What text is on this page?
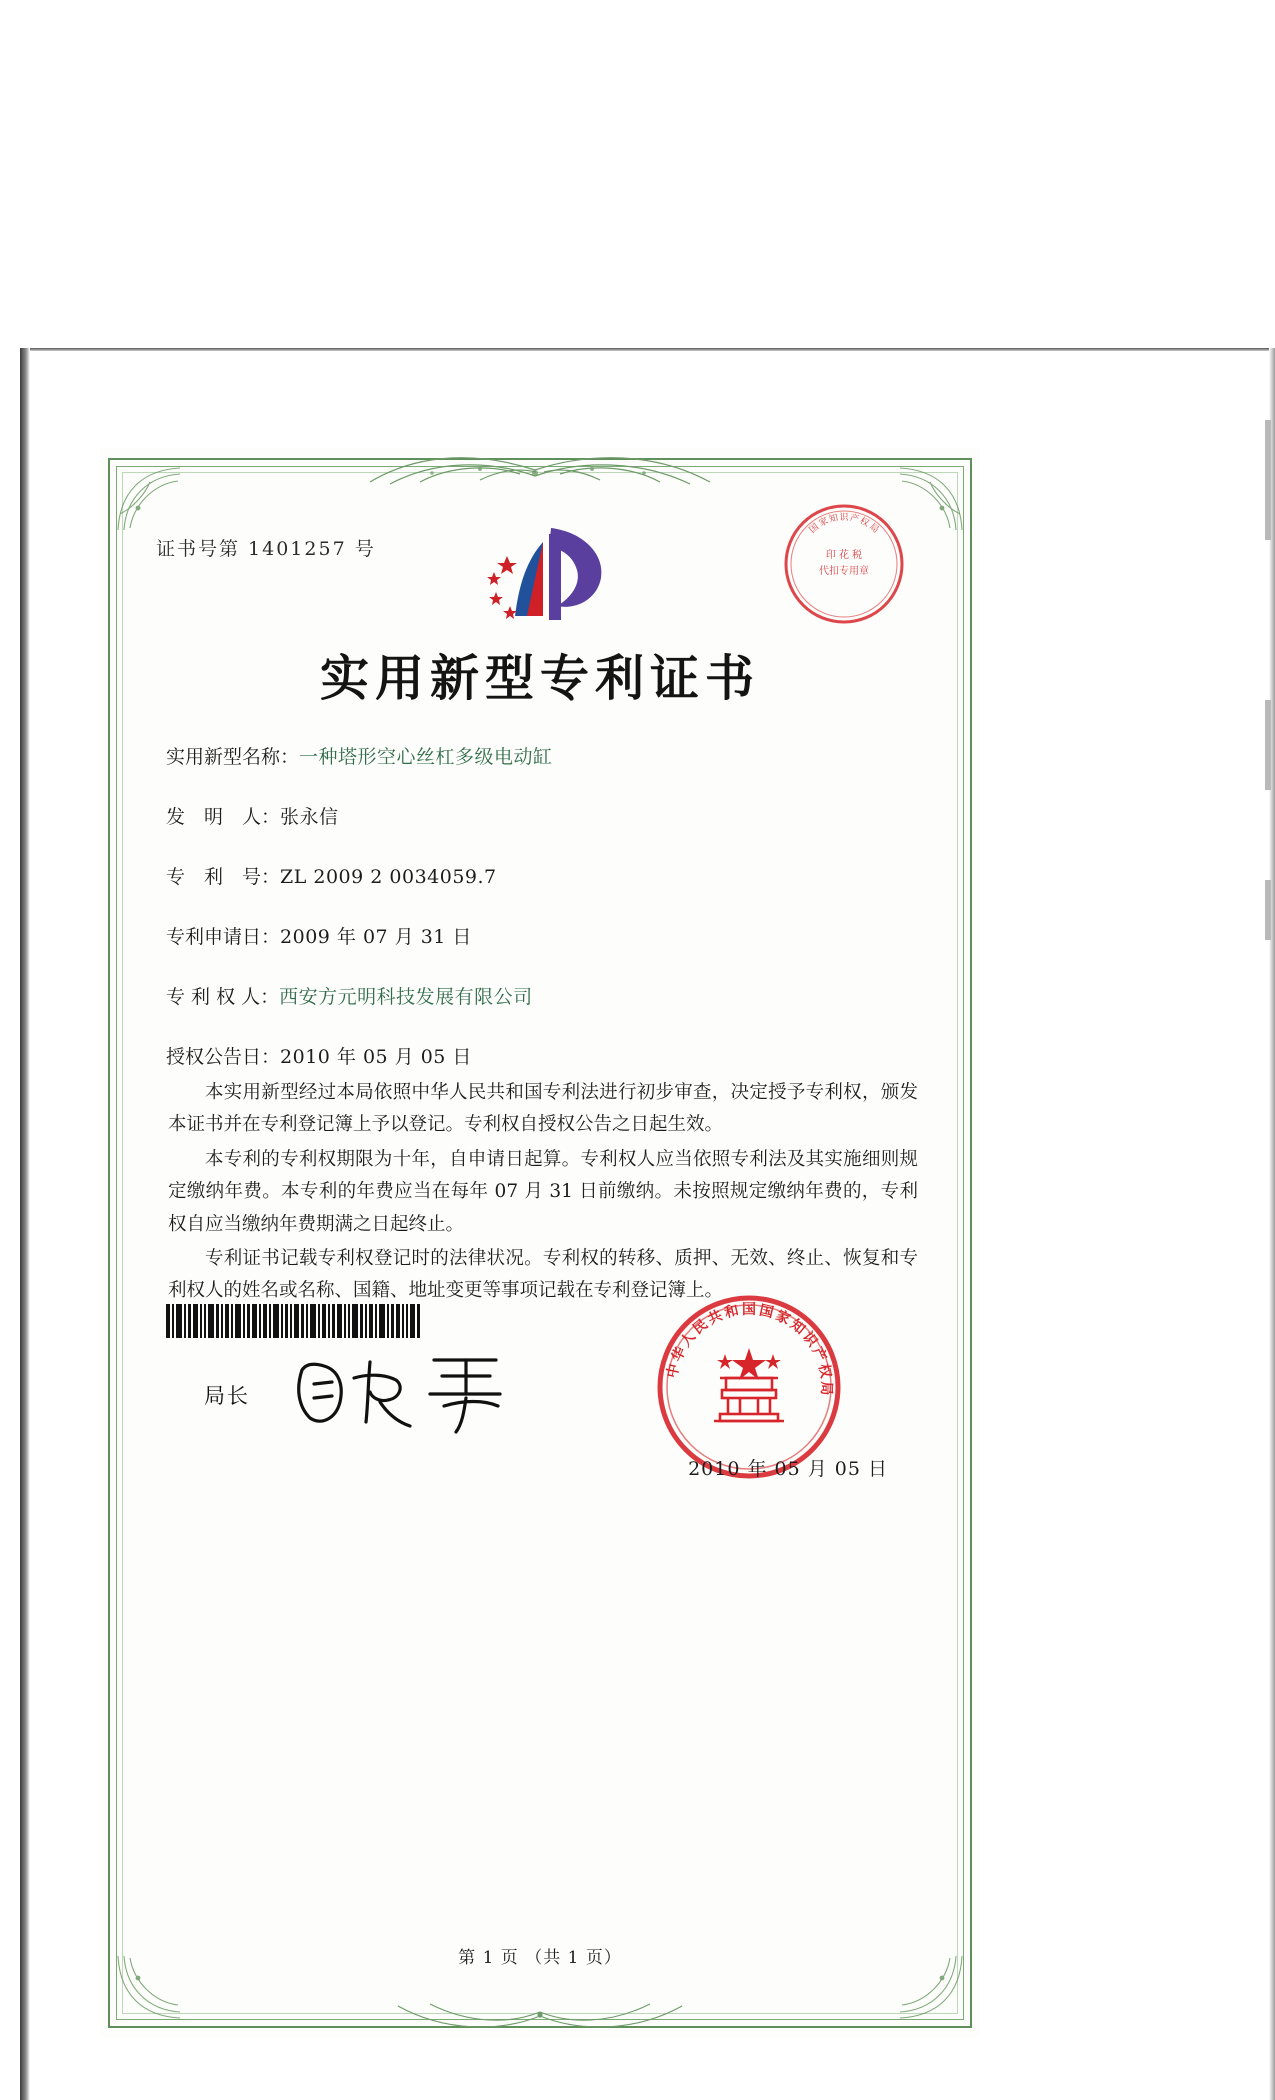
证书号第 1401257 号
国
家
知 识 产
权
局
印 花 税
代扣专用章
实用新型专利证书
实用新型名称： 一种塔形空心丝杠多级电动缸
发　明　人： 张永信
专　利　号： ZL 2009 2 0034059.7
专利申请日： 2009 年 07 月 31 日
专 利 权 人： 西安方元明科技发展有限公司
授权公告日： 2010 年 05 月 05 日

本实用新型经过本局依照中华人民共和国专利法进行初步审查，决定授予专利权，颁发本证书并在专利登记簿上予以登记。专利权自授权公告之日起生效。

本专利的专利权期限为十年，自申请日起算。专利权人应当依照专利法及其实施细则规定缴纳年费。本专利的年费应当在每年 07 月 31 日前缴纳。未按照规定缴纳年费的，专利权自应当缴纳年费期满之日起终止。

专利证书记载专利权登记时的法律状况。专利权的转移、质押、无效、终止、恢复和专利权人的姓名或名称、国籍、地址变更等事项记载在专利登记簿上。

局长
中
华
人
民
共
和 国 国
家
知
识
产
权
局
2010 年 05 月 05 日
第 1 页 （共 1 页）
